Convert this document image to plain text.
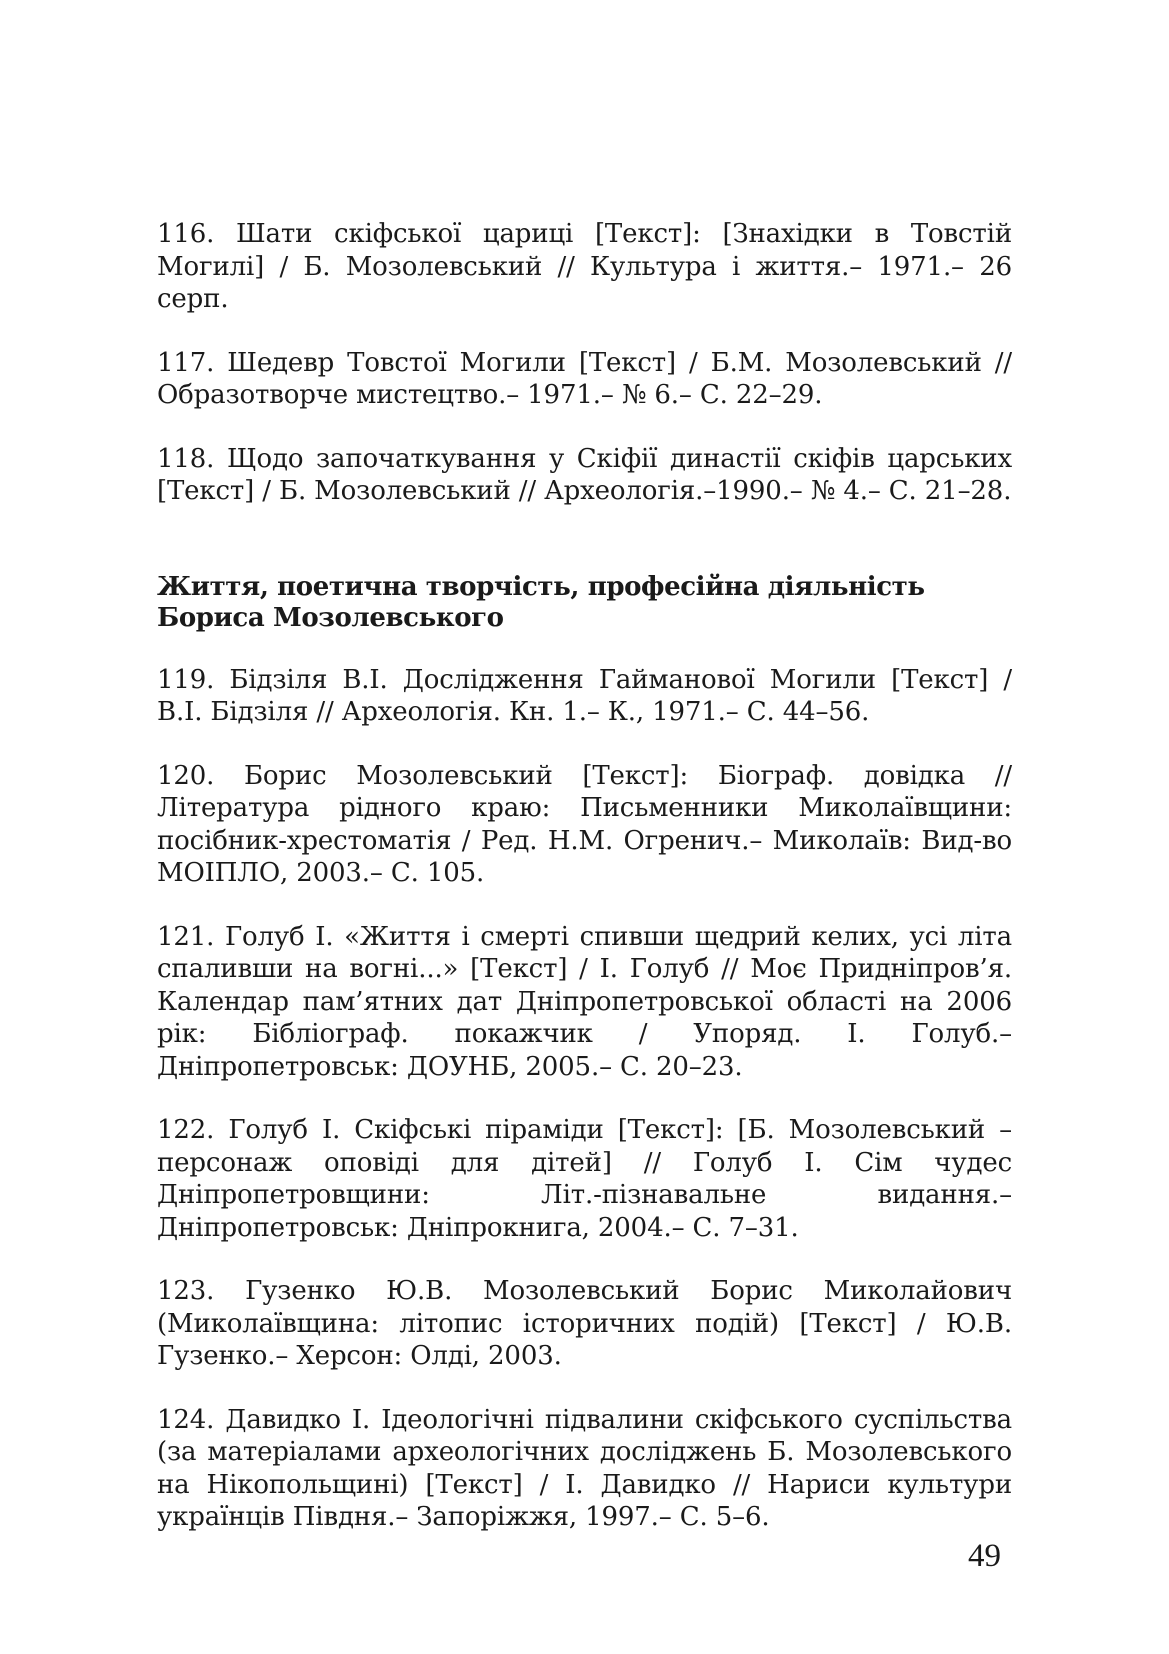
116. Шати скіфської цариці [Текст]: [Знахідки в Товстій Могилі] / Б. Мозолевський // Культура і життя.– 1971.– 26 серп.

117. Шедевр Товстої Могили [Текст] / Б.М. Мозолевський // Образотворче мистецтво.– 1971.– № 6.– С. 22–29.

118. Щодо започаткування у Скіфії династії скіфів царських [Текст] / Б. Мозолевський // Археологія.–1990.– № 4.– С. 21–28.

Життя, поетична творчість, професійна діяльність
Бориса Мозолевського

119. Бідзіля В.І. Дослідження Гайманової Могили [Текст] / В.І. Бідзіля // Археологія. Кн. 1.– К., 1971.– С. 44–56.

120. Борис Мозолевський [Текст]: Біограф. довідка // Література рідного краю: Письменники Миколаївщини: посібник-хрестоматія / Ред. Н.М. Огренич.– Миколаїв: Вид-во МОІПЛО, 2003.– С. 105.

121. Голуб І. «Життя і смерті спивши щедрий келих, усі літа спаливши на вогні...» [Текст] / І. Голуб // Моє Придніпров’я. Календар пам’ятних дат Дніпропетровської області на 2006 рік: Бібліограф. покажчик / Упоряд. І. Голуб.– Дніпропетровськ: ДОУНБ, 2005.– С. 20–23.

122. Голуб І. Скіфські піраміди [Текст]: [Б. Мозолевський – персонаж оповіді для дітей] // Голуб І. Сім чудес Дніпропетровщини: Літ.-пізнавальне видання.– Дніпропетровськ: Дніпрокнига, 2004.– С. 7–31.

123. Гузенко Ю.В. Мозолевський Борис Миколайович (Миколаївщина: літопис історичних подій) [Текст] / Ю.В. Гузенко.– Херсон: Олді, 2003.

124. Давидко І. Ідеологічні підвалини скіфського суспільства (за матеріалами археологічних досліджень Б. Мозолевського на Нікопольщині) [Текст] / І. Давидко // Нариси культури українців Півдня.– Запоріжжя, 1997.– С. 5–6.

49
